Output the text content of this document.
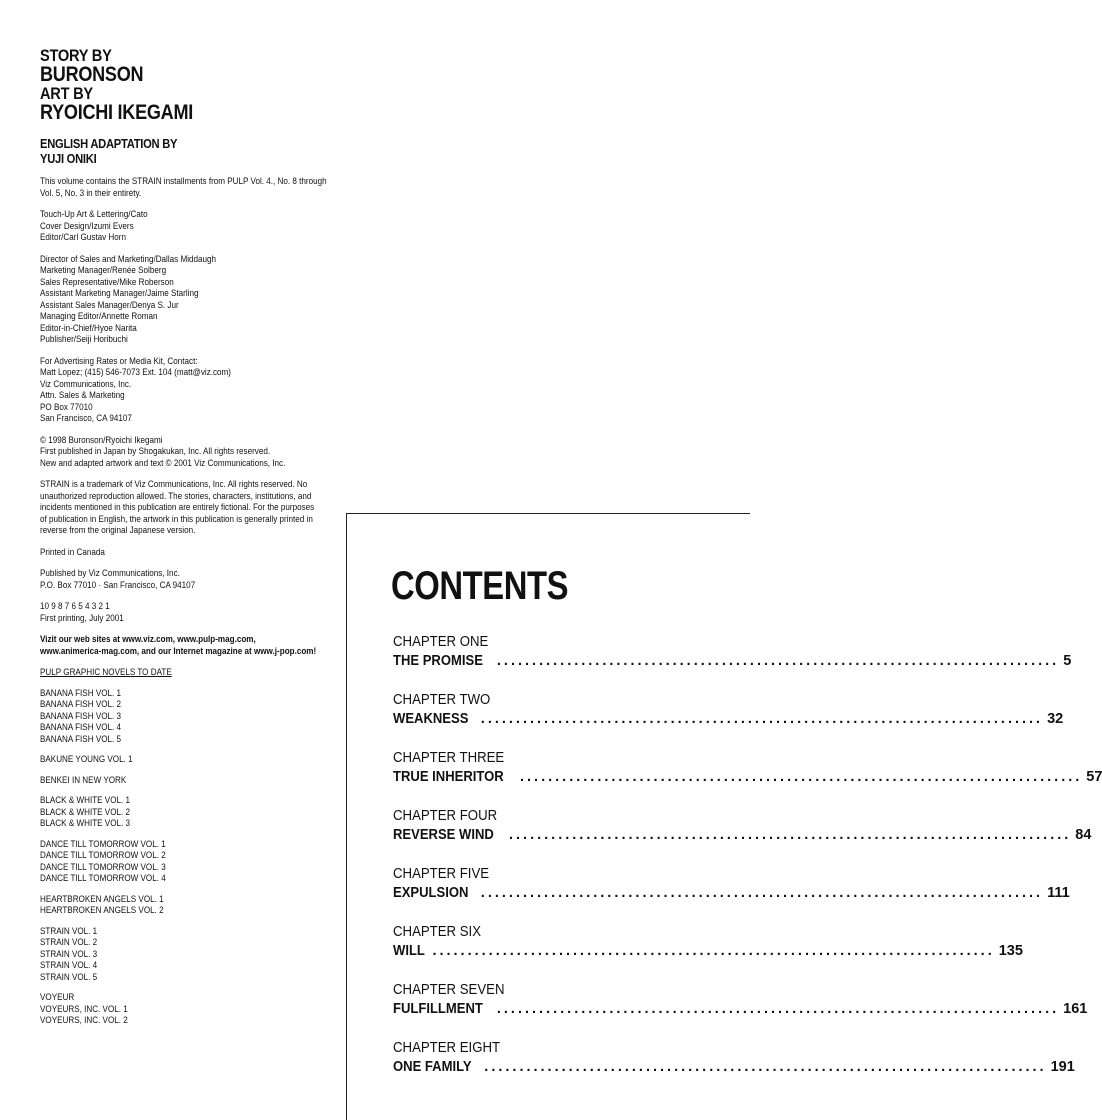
STORY BY
BURONSON
ART BY
RYOICHI IKEGAMI
ENGLISH ADAPTATION BY
YUJI ONIKI
This volume contains the STRAIN installments from PULP Vol. 4., No. 8 through
Vol. 5, No. 3 in their entirety.
Touch-Up Art & Lettering/Cato
Cover Design/Izumi Evers
Editor/Carl Gustav Horn
Director of Sales and Marketing/Dallas Middaugh
Marketing Manager/Renée Solberg
Sales Representative/Mike Roberson
Assistant Marketing Manager/Jaime Starling
Assistant Sales Manager/Denya S. Jur
Managing Editor/Annette Roman
Editor-in-Chief/Hyoe Narita
Publisher/Seiji Horibuchi
For Advertising Rates or Media Kit, Contact:
Matt Lopez; (415) 546-7073 Ext. 104 (matt@viz.com)
Viz Communications, Inc.
Attn. Sales & Marketing
PO Box 77010
San Francisco, CA 94107
© 1998 Buronson/Ryoichi Ikegami
First published in Japan by Shogakukan, Inc. All rights reserved.
New and adapted artwork and text © 2001 Viz Communications, Inc.
STRAIN is a trademark of Viz Communications, Inc. All rights reserved. No
unauthorized reproduction allowed. The stories, characters, institutions, and
incidents mentioned in this publication are entirely fictional. For the purposes
of publication in English, the artwork in this publication is generally printed in
reverse from the original Japanese version.
Printed in Canada
Published by Viz Communications, Inc.
P.O. Box 77010 · San Francisco, CA 94107
10 9 8 7 6 5 4 3 2 1
First printing, July 2001
Vizit our web sites at www.viz.com, www.pulp-mag.com,
www.animerica-mag.com, and our Internet magazine at www.j-pop.com!
PULP GRAPHIC NOVELS TO DATE
BANANA FISH VOL. 1
BANANA FISH VOL. 2
BANANA FISH VOL. 3
BANANA FISH VOL. 4
BANANA FISH VOL. 5
BAKUNE YOUNG VOL. 1
BENKEI IN NEW YORK
BLACK & WHITE VOL. 1
BLACK & WHITE VOL. 2
BLACK & WHITE VOL. 3
DANCE TILL TOMORROW VOL. 1
DANCE TILL TOMORROW VOL. 2
DANCE TILL TOMORROW VOL. 3
DANCE TILL TOMORROW VOL. 4
HEARTBROKEN ANGELS VOL. 1
HEARTBROKEN ANGELS VOL. 2
STRAIN VOL. 1
STRAIN VOL. 2
STRAIN VOL. 3
STRAIN VOL. 4
STRAIN VOL. 5
VOYEUR
VOYEURS, INC. VOL. 1
VOYEURS, INC. VOL. 2
CONTENTS
CHAPTER ONE
THE PROMISE ................................................................................ 5
CHAPTER TWO
WEAKNESS ................................................................................ 32
CHAPTER THREE
TRUE INHERITOR ................................................................................ 57
CHAPTER FOUR
REVERSE WIND ................................................................................ 84
CHAPTER FIVE
EXPULSION ................................................................................ 111
CHAPTER SIX
WILL ................................................................................ 135
CHAPTER SEVEN
FULFILLMENT ................................................................................ 161
CHAPTER EIGHT
ONE FAMILY ................................................................................ 191
